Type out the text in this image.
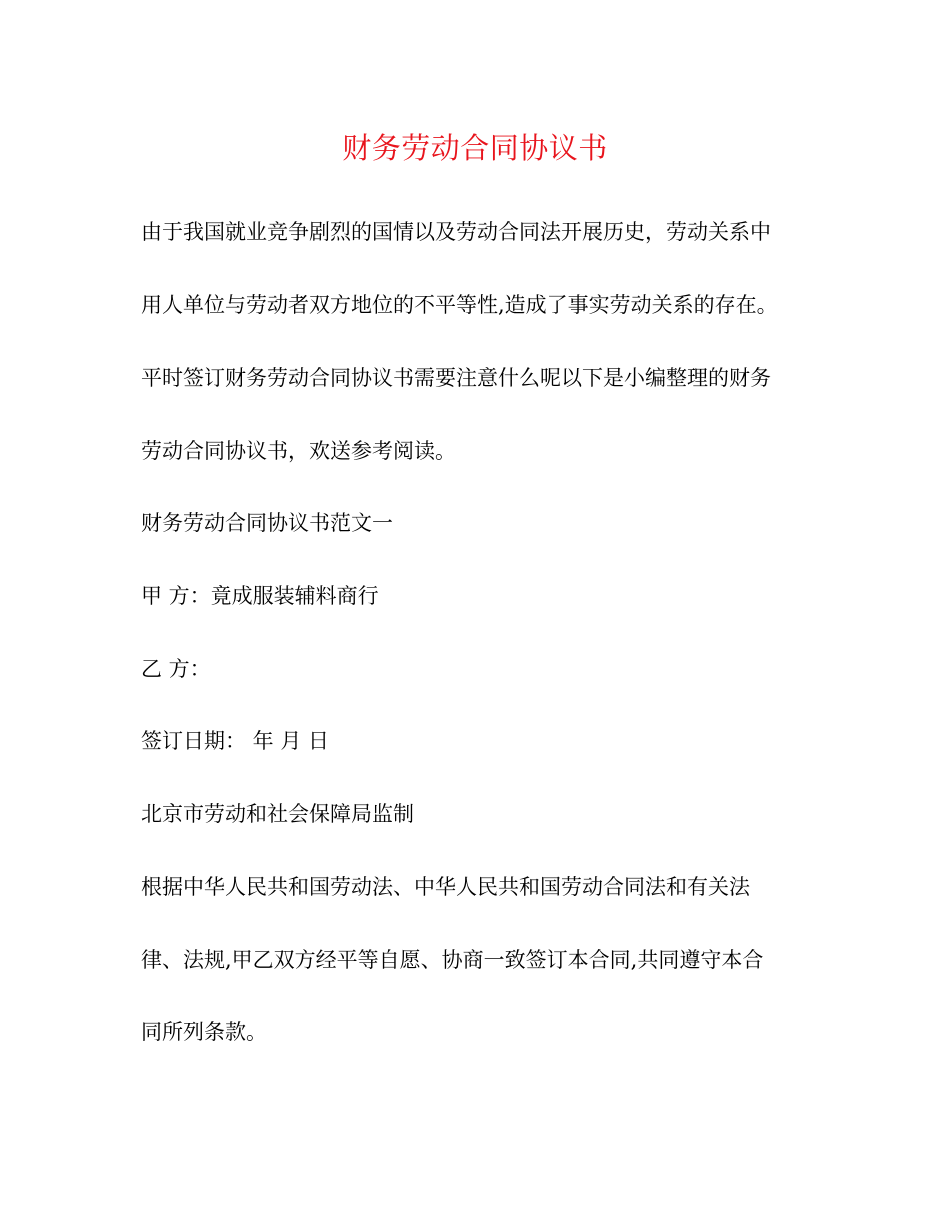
财务劳动合同协议书
由于我国就业竞争剧烈的国情以及劳动合同法开展历史，劳动关系中
用人单位与劳动者双方地位的不平等性,造成了事实劳动关系的存在。
平时签订财务劳动合同协议书需要注意什么呢以下是小编整理的财务
劳动合同协议书，欢送参考阅读。
财务劳动合同协议书范文一
甲 方：竟成服装辅料商行
乙 方：
签订日期： 年 月 日
北京市劳动和社会保障局监制
根据中华人民共和国劳动法、中华人民共和国劳动合同法和有关法
律、法规,甲乙双方经平等自愿、协商一致签订本合同,共同遵守本合
同所列条款。
